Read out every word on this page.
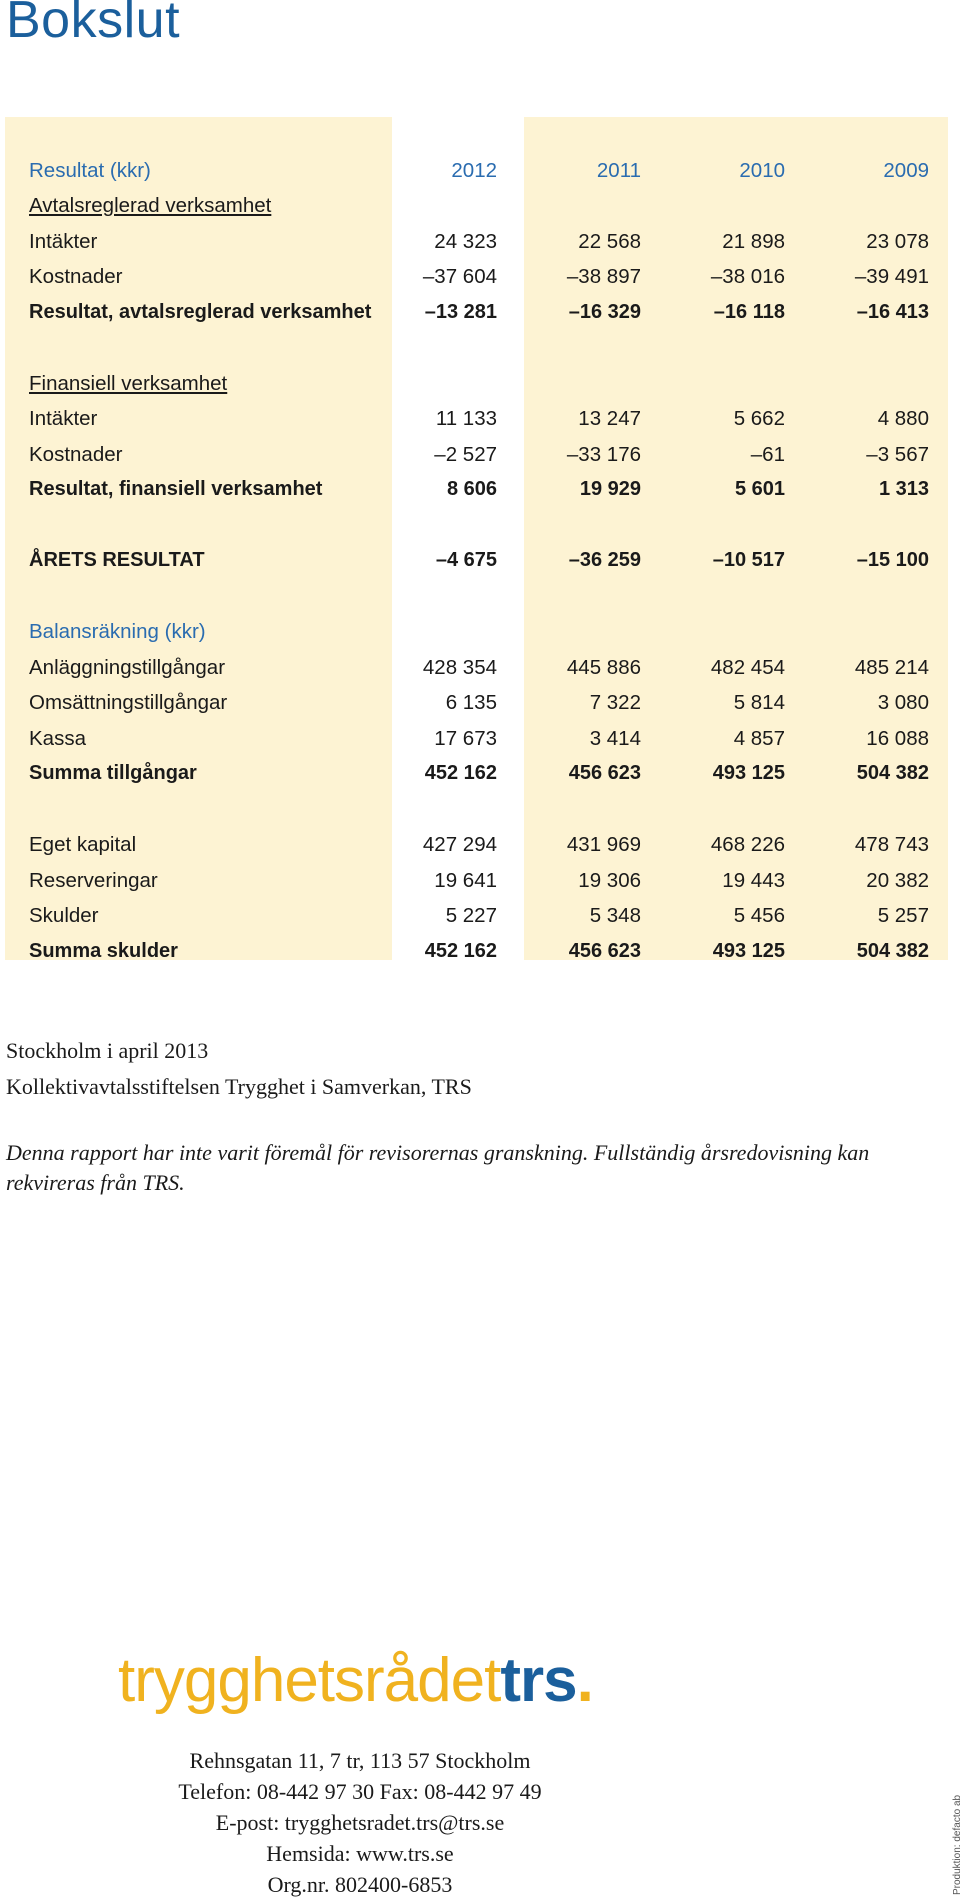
Bokslut
Resultat (kkr)	2012	2011	2010	2009
Avtalsreglerad verksamhet
Intäkter	24 323	22 568	21 898	23 078
Kostnader	–37 604	–38 897	–38 016	–39 491
Resultat, avtalsreglerad verksamhet	–13 281	–16 329	–16 118	–16 413
Finansiell verksamhet
Intäkter	11 133	13 247	5 662	4 880
Kostnader	–2 527	–33 176	–61	–3 567
Resultat, finansiell verksamhet	8 606	19 929	5 601	1 313
ÅRETS RESULTAT	–4 675	–36 259	–10 517	–15 100
Balansräkning (kkr)
Anläggningstillgångar	428 354	445 886	482 454	485 214
Omsättningstillgångar	6 135	7 322	5 814	3 080
Kassa	17 673	3 414	4 857	16 088
Summa tillgångar	452 162	456 623	493 125	504 382
Eget kapital	427 294	431 969	468 226	478 743
Reserveringar	19 641	19 306	19 443	20 382
Skulder	5 227	5 348	5 456	5 257
Summa skulder	452 162	456 623	493 125	504 382
Stockholm i april 2013
Kollektivavtalsstiftelsen Trygghet i Samverkan, TRS
Denna rapport har inte varit föremål för revisorernas granskning. Fullständig årsredovisning kan rekvireras från TRS.
trygghetsrådettrs.
Rehnsgatan 11, 7 tr, 113 57 Stockholm
Telefon: 08-442 97 30 Fax: 08-442 97 49
E-post: trygghetsradet.trs@trs.se
Hemsida: www.trs.se
Org.nr. 802400-6853	Produktion: defacto ab
